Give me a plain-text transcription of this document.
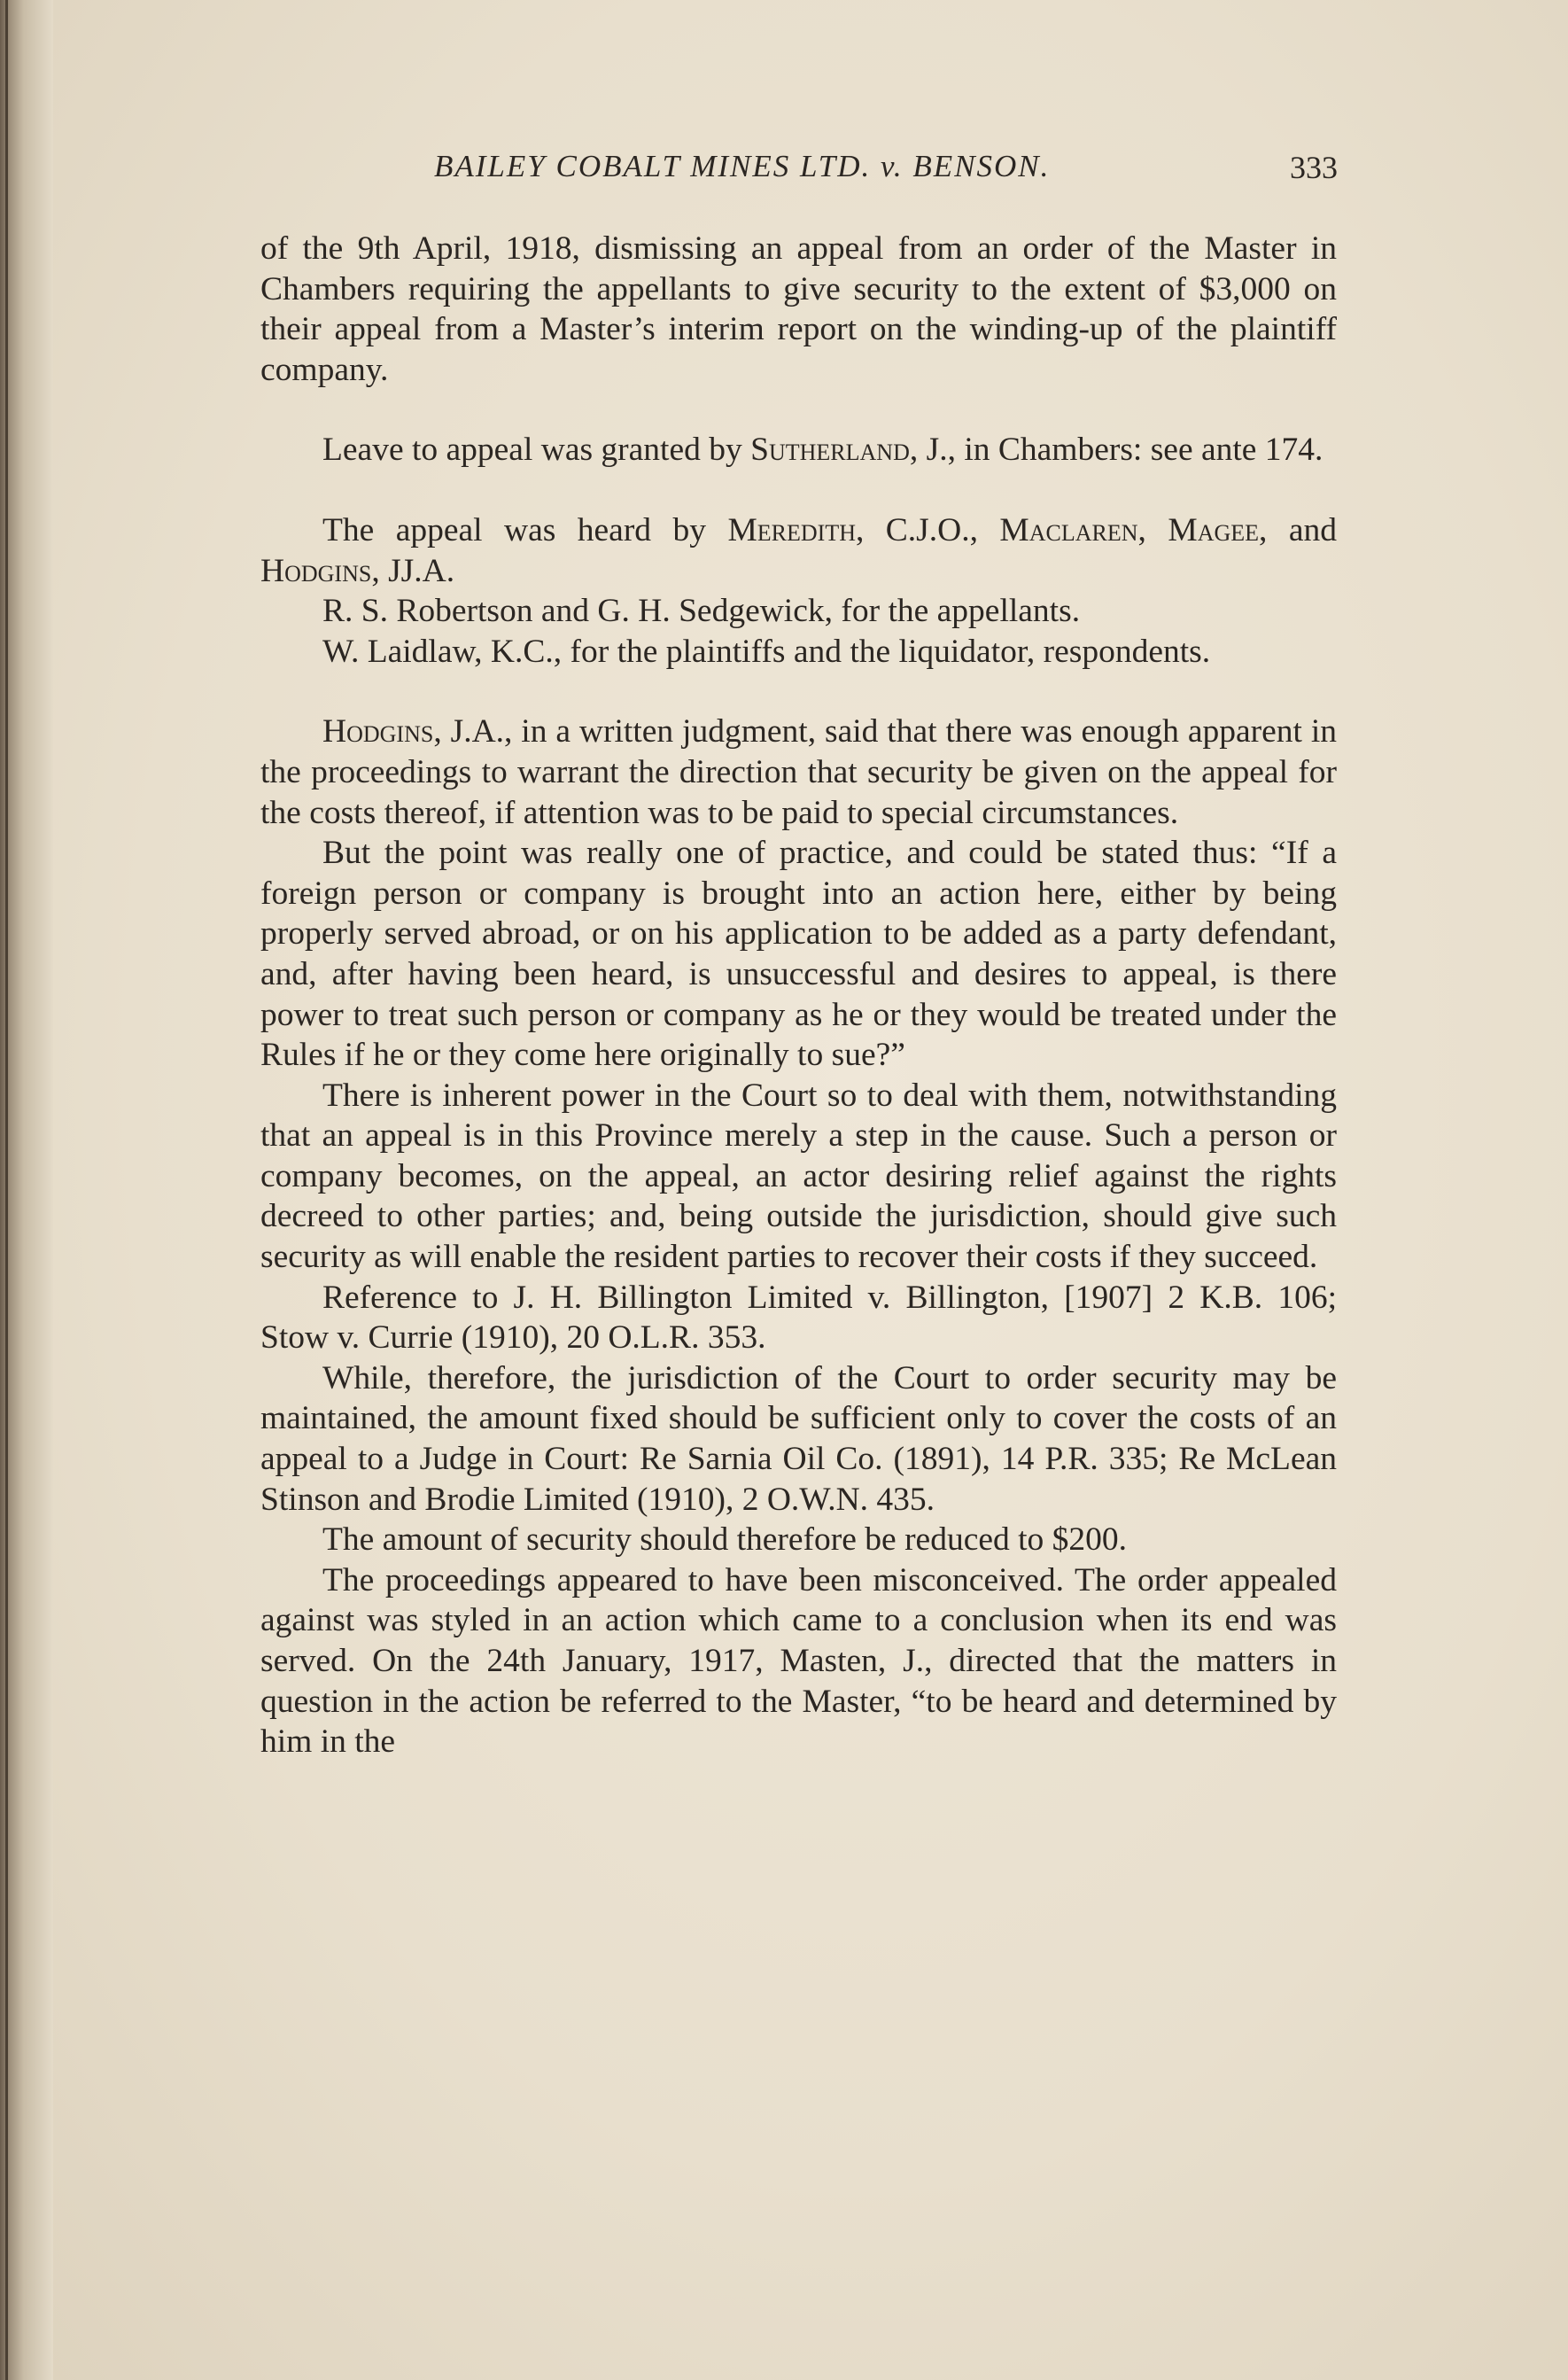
BAILEY COBALT MINES LTD. v. BENSON.	333

of the 9th April, 1918, dismissing an appeal from an order of the Master in Chambers requiring the appellants to give security to the extent of $3,000 on their appeal from a Master’s interim report on the winding-up of the plaintiff company.

Leave to appeal was granted by Sutherland, J., in Chambers: see ante 174.

The appeal was heard by Meredith, C.J.O., Maclaren, Magee, and Hodgins, JJ.A.

R. S. Robertson and G. H. Sedgewick, for the appellants.

W. Laidlaw, K.C., for the plaintiffs and the liquidator, respondents.

Hodgins, J.A., in a written judgment, said that there was enough apparent in the proceedings to warrant the direction that security be given on the appeal for the costs thereof, if attention was to be paid to special circumstances.

But the point was really one of practice, and could be stated thus: “If a foreign person or company is brought into an action here, either by being properly served abroad, or on his application to be added as a party defendant, and, after having been heard, is unsuccessful and desires to appeal, is there power to treat such person or company as he or they would be treated under the Rules if he or they come here originally to sue?”

There is inherent power in the Court so to deal with them, notwithstanding that an appeal is in this Province merely a step in the cause. Such a person or company becomes, on the appeal, an actor desiring relief against the rights decreed to other parties; and, being outside the jurisdiction, should give such security as will enable the resident parties to recover their costs if they succeed.

Reference to J. H. Billington Limited v. Billington, [1907] 2 K.B. 106; Stow v. Currie (1910), 20 O.L.R. 353.

While, therefore, the jurisdiction of the Court to order security may be maintained, the amount fixed should be sufficient only to cover the costs of an appeal to a Judge in Court: Re Sarnia Oil Co. (1891), 14 P.R. 335; Re McLean Stinson and Brodie Limited (1910), 2 O.W.N. 435.

The amount of security should therefore be reduced to $200.

The proceedings appeared to have been misconceived. The order appealed against was styled in an action which came to a conclusion when its end was served. On the 24th January, 1917, Masten, J., directed that the matters in question in the action be referred to the Master, “to be heard and determined by him in the
